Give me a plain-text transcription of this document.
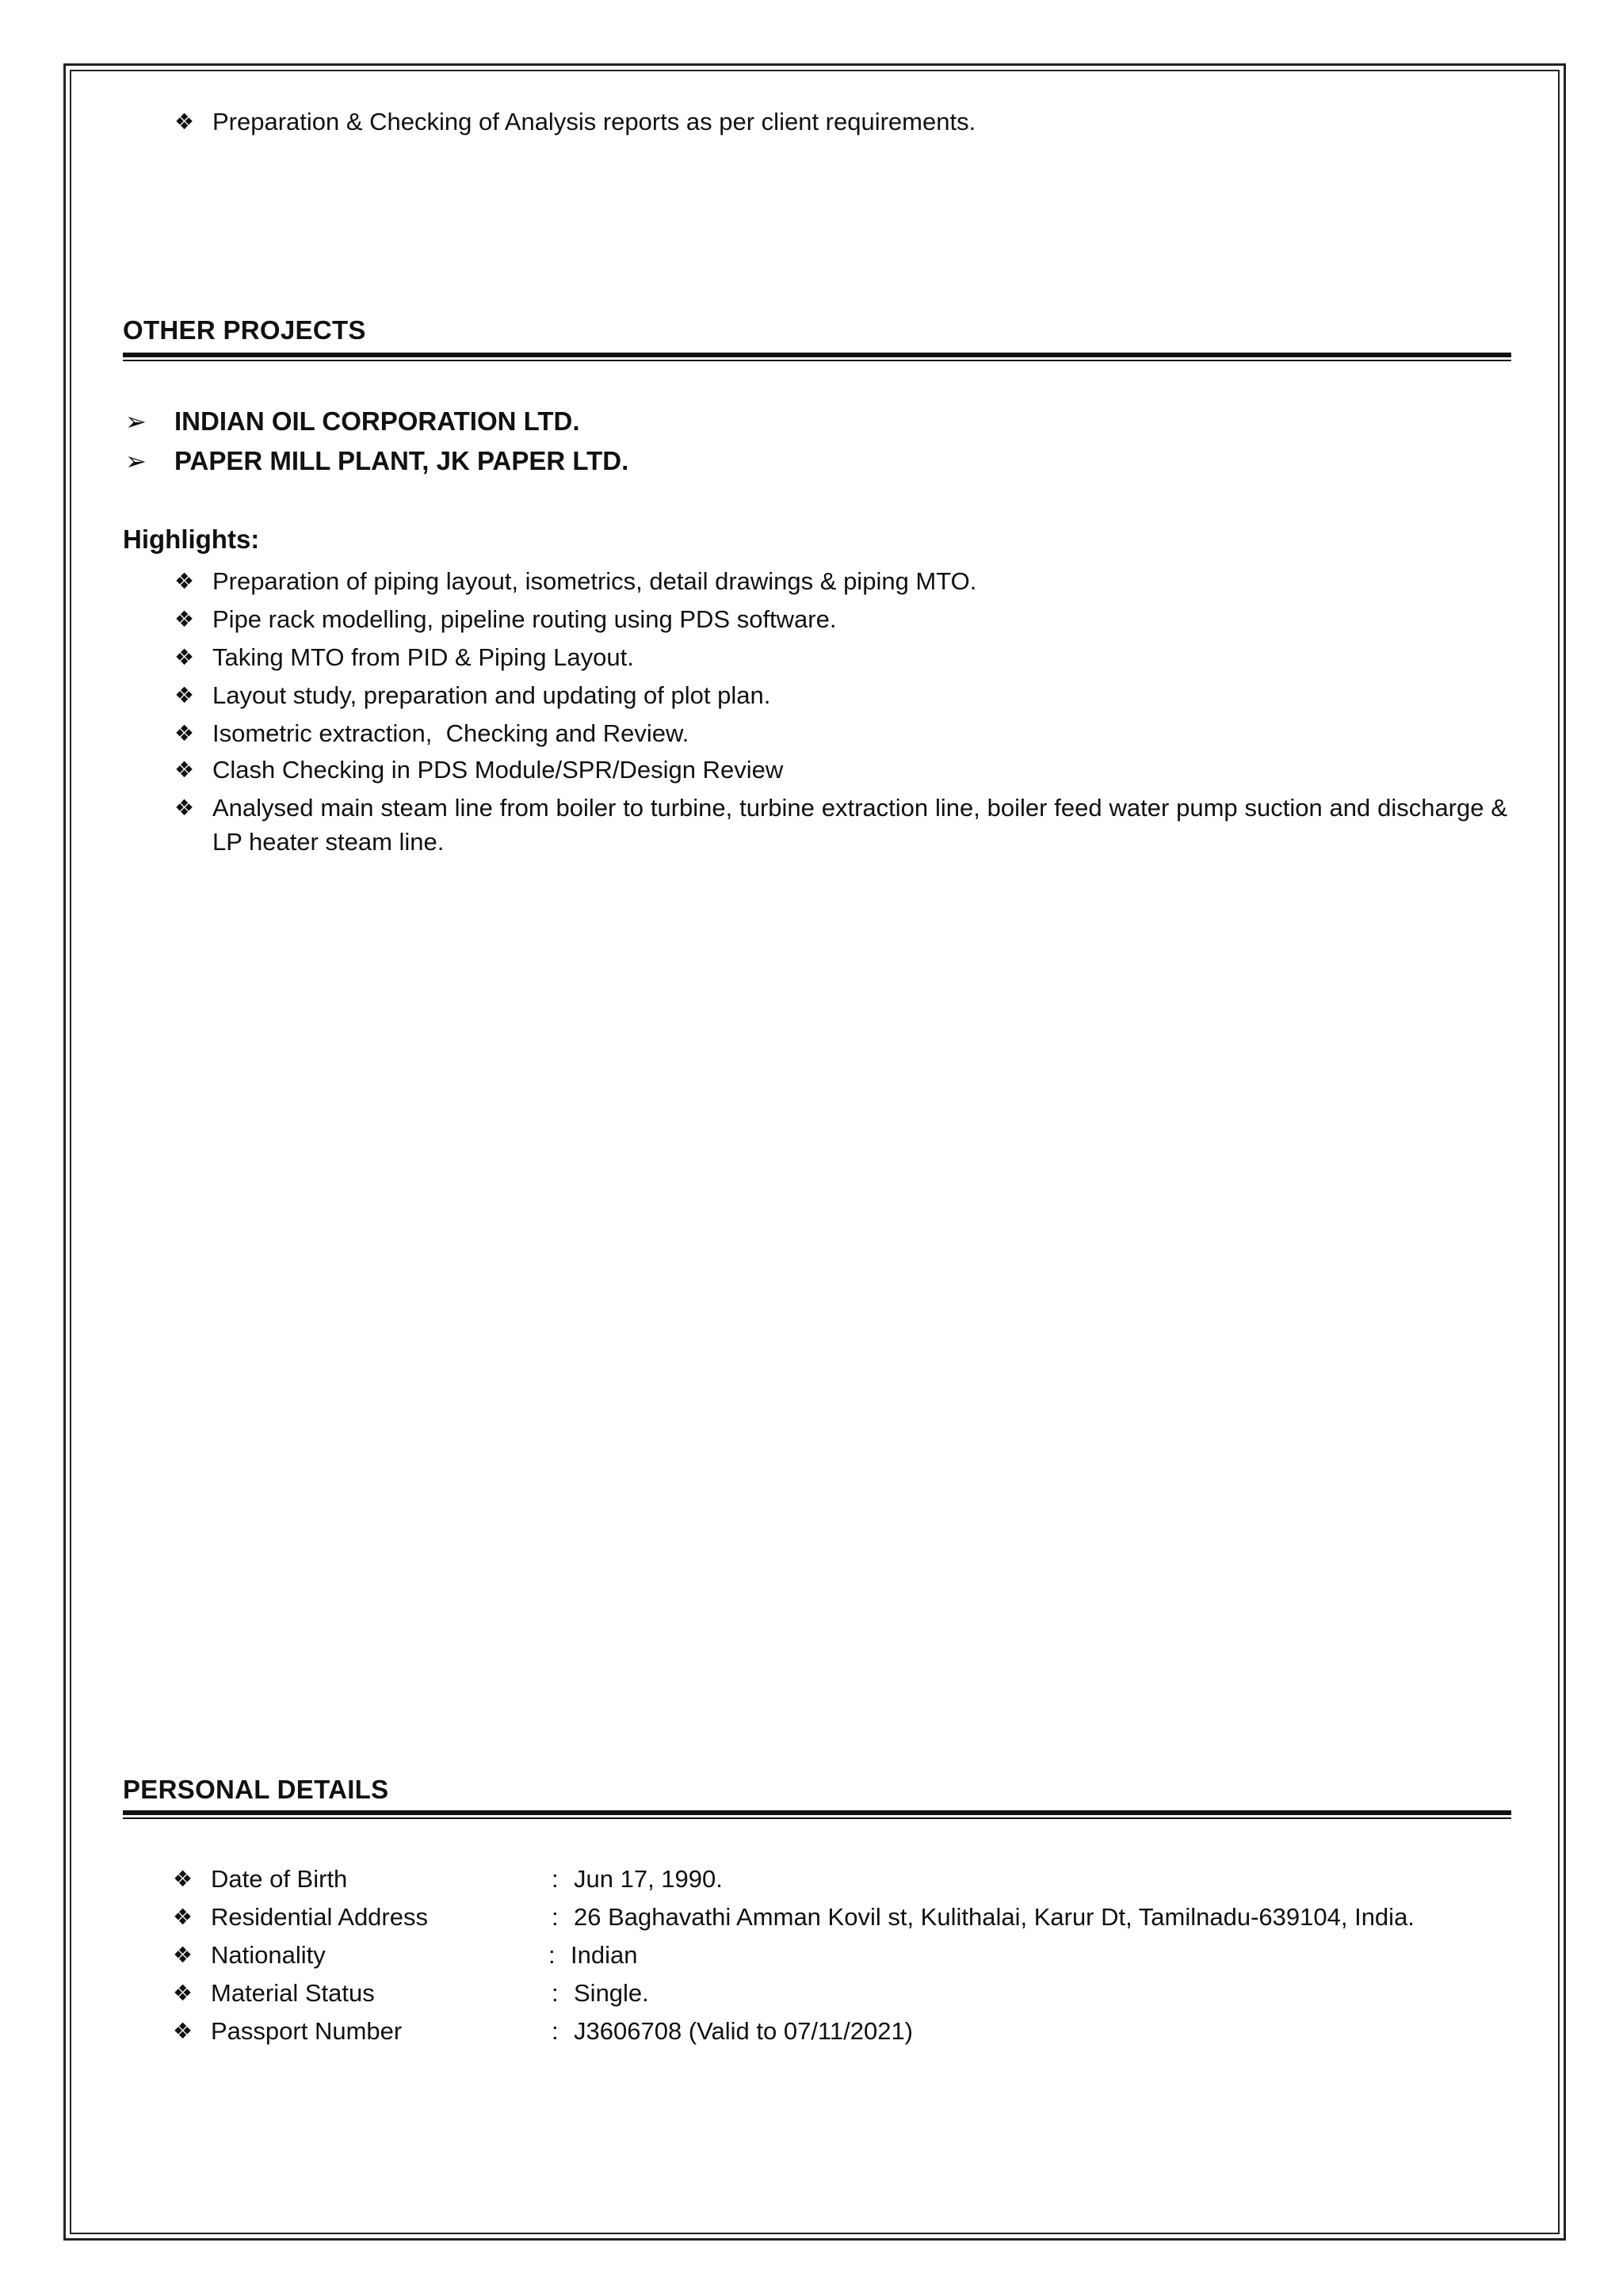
❖ Preparation & Checking of Analysis reports as per client requirements.
OTHER PROJECTS
➢	INDIAN OIL CORPORATION LTD.
➢	PAPER MILL PLANT, JK PAPER LTD.
Highlights:
❖ Preparation of piping layout, isometrics, detail drawings & piping MTO.
❖ Pipe rack modelling, pipeline routing using PDS software.
❖ Taking MTO from PID & Piping Layout.
❖ Layout study, preparation and updating of plot plan.
❖ Isometric extraction,  Checking and Review.
❖ Clash Checking in PDS Module/SPR/Design Review
❖ Analysed main steam line from boiler to turbine, turbine extraction line, boiler feed water pump suction and discharge & LP heater steam line.
PERSONAL DETAILS
❖ Date of Birth	: Jun 17, 1990.
❖ Residential Address	: 26 Baghavathi Amman Kovil st, Kulithalai, Karur Dt, Tamilnadu-639104, India.
❖ Nationality	: Indian
❖ Material Status	: Single.
❖ Passport Number	: J3606708 (Valid to 07/11/2021)
